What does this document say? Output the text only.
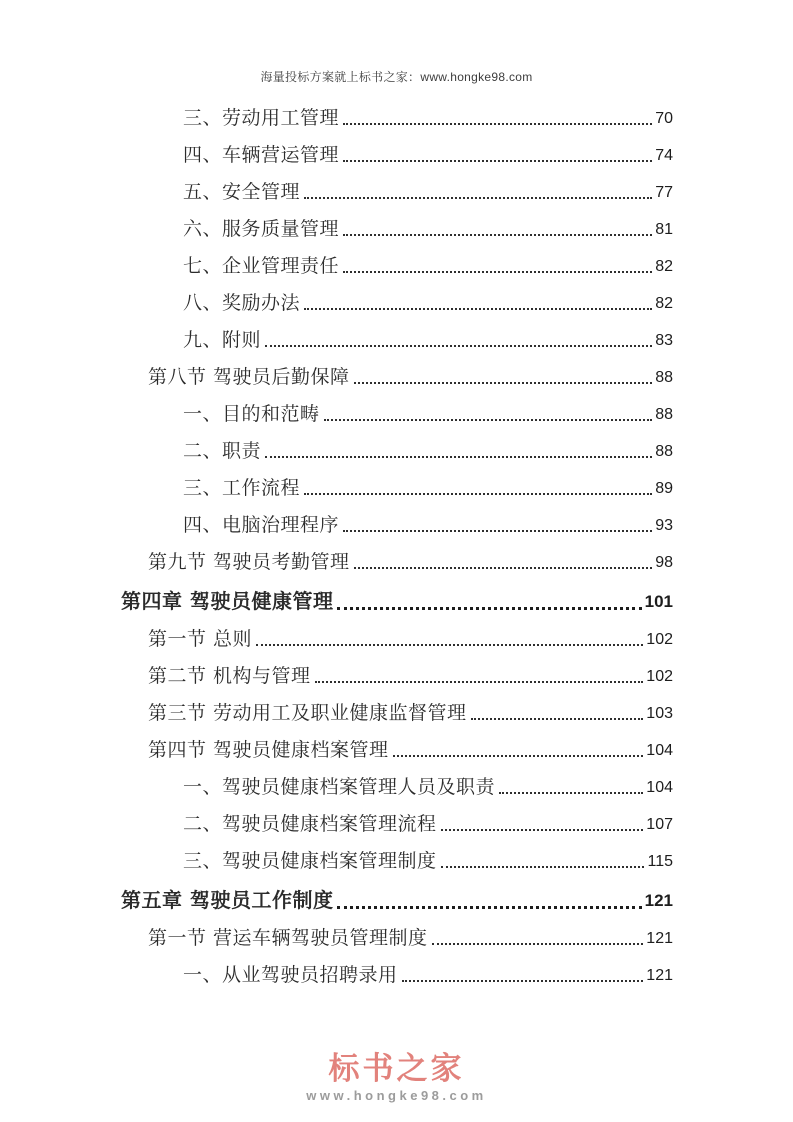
海量投标方案就上标书之家：www.hongke98.com
三、劳动用工管理	70
四、车辆营运管理	74
五、安全管理	77
六、服务质量管理	81
七、企业管理责任	82
八、奖励办法	82
九、附则	83
第八节 驾驶员后勤保障	88
一、目的和范畴	88
二、职责	88
三、工作流程	89
四、电脑治理程序	93
第九节 驾驶员考勤管理	98
第四章 驾驶员健康管理	101
第一节 总则	102
第二节 机构与管理	102
第三节 劳动用工及职业健康监督管理	103
第四节 驾驶员健康档案管理	104
一、驾驶员健康档案管理人员及职责	104
二、驾驶员健康档案管理流程	107
三、驾驶员健康档案管理制度	115
第五章 驾驶员工作制度	121
第一节 营运车辆驾驶员管理制度	121
一、从业驾驶员招聘录用	121
标书之家
www.hongke98.com
